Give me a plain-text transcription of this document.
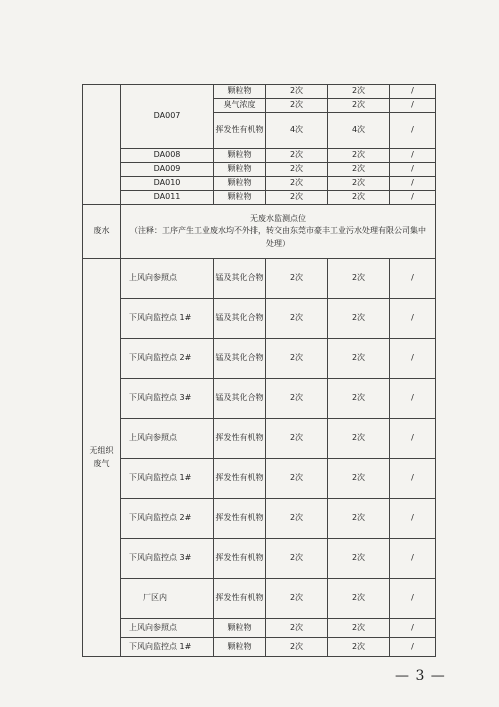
	DA007	颗粒物	2次	2次	/
		臭气浓度	2次	2次	/
		挥发性有机物	4次	4次	/
	DA008	颗粒物	2次	2次	/
	DA009	颗粒物	2次	2次	/
	DA010	颗粒物	2次	2次	/
	DA011	颗粒物	2次	2次	/
废水	无废水监测点位
（注释：工序产生工业废水均不外排，转交由东莞市豪丰工业污水处理有限公司集中处理）				

无组织废气	上风向参照点	锰及其化合物	2次	2次	/
	下风向监控点 1#	锰及其化合物	2次	2次	/
	下风向监控点 2#	锰及其化合物	2次	2次	/
	下风向监控点 3#	锰及其化合物	2次	2次	/
	上风向参照点	挥发性有机物	2次	2次	/
	下风向监控点 1#	挥发性有机物	2次	2次	/
	下风向监控点 2#	挥发性有机物	2次	2次	/
	下风向监控点 3#	挥发性有机物	2次	2次	/
	厂区内	挥发性有机物	2次	2次	/
	上风向参照点	颗粒物	2次	2次	/
	下风向监控点 1#	颗粒物	2次	2次	/
— 3 —
